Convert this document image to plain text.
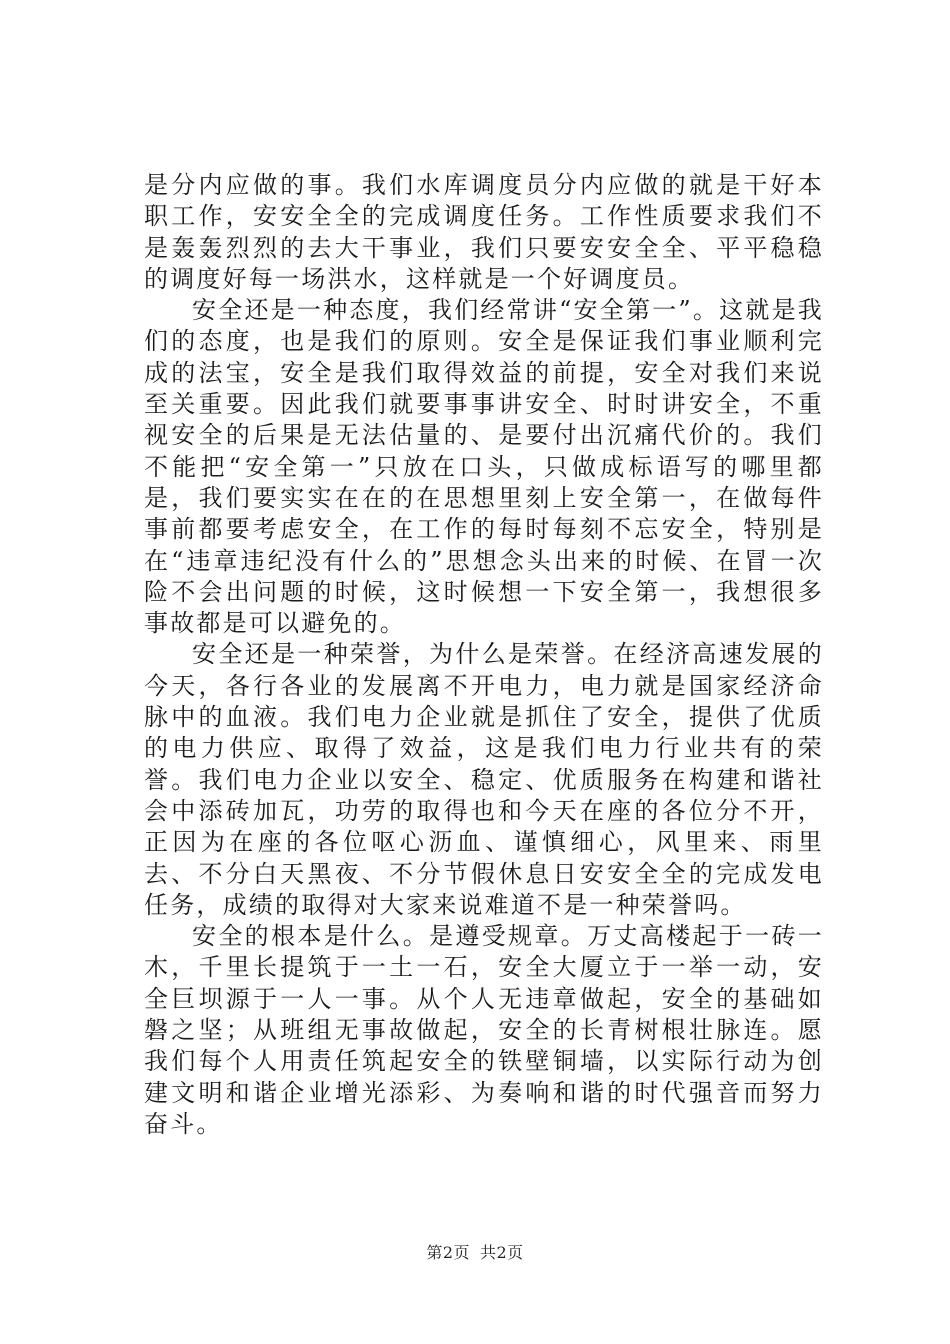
是分内应做的事。我们水库调度员分内应做的就是干好本职工作，安安全全的完成调度任务。工作性质要求我们不是轰轰烈烈的去大干事业，我们只要安安全全、平平稳稳的调度好每一场洪水，这样就是一个好调度员。

安全还是一种态度，我们经常讲“安全第一”。这就是我们的态度，也是我们的原则。安全是保证我们事业顺利完成的法宝，安全是我们取得效益的前提，安全对我们来说至关重要。因此我们就要事事讲安全、时时讲安全，不重视安全的后果是无法估量的、是要付出沉痛代价的。我们不能把“安全第一”只放在口头，只做成标语写的哪里都是，我们要实实在在的在思想里刻上安全第一，在做每件事前都要考虑安全，在工作的每时每刻不忘安全，特别是在“违章违纪没有什么的”思想念头出来的时候、在冒一次险不会出问题的时候，这时候想一下安全第一，我想很多事故都是可以避免的。

安全还是一种荣誉，为什么是荣誉。在经济高速发展的今天，各行各业的发展离不开电力，电力就是国家经济命脉中的血液。我们电力企业就是抓住了安全，提供了优质的电力供应、取得了效益，这是我们电力行业共有的荣誉。我们电力企业以安全、稳定、优质服务在构建和谐社会中添砖加瓦，功劳的取得也和今天在座的各位分不开，正因为在座的各位呕心沥血、谨慎细心，风里来、雨里去、不分白天黑夜、不分节假休息日安安全全的完成发电任务，成绩的取得对大家来说难道不是一种荣誉吗。

安全的根本是什么。是遵受规章。万丈高楼起于一砖一木，千里长提筑于一土一石，安全大厦立于一举一动，安全巨坝源于一人一事。从个人无违章做起，安全的基础如磐之坚；从班组无事故做起，安全的长青树根壮脉连。愿我们每个人用责任筑起安全的铁壁铜墙，以实际行动为创建文明和谐企业增光添彩、为奏响和谐的时代强音而努力奋斗。

第2页 共2页
